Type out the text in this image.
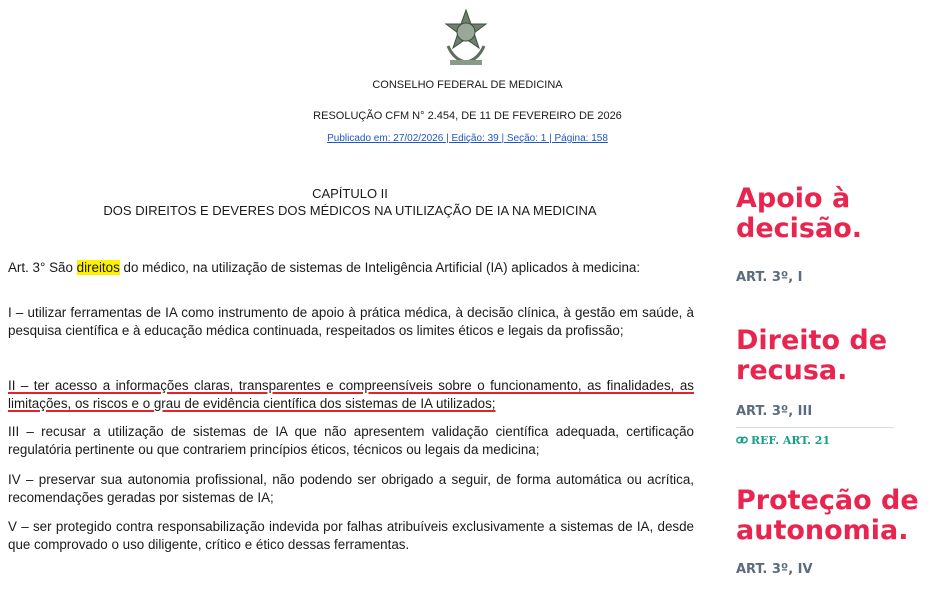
CONSELHO FEDERAL DE MEDICINA
RESOLUÇÃO CFM N° 2.454, DE 11 DE FEVEREIRO DE 2026
Publicado em: 27/02/2026 | Edição: 39 | Seção: 1 | Página: 158
CAPÍTULO II
DOS DIREITOS E DEVERES DOS MÉDICOS NA UTILIZAÇÃO DE IA NA MEDICINA
Art. 3° São direitos do médico, na utilização de sistemas de Inteligência Artificial (IA) aplicados à medicina:
I – utilizar ferramentas de IA como instrumento de apoio à prática médica, à decisão clínica, à gestão em saúde, à pesquisa científica e à educação médica continuada, respeitados os limites éticos e legais da profissão;
II – ter acesso a informações claras, transparentes e compreensíveis sobre o funcionamento, as finalidades, as limitações, os riscos e o grau de evidência científica dos sistemas de IA utilizados;
III – recusar a utilização de sistemas de IA que não apresentem validação científica adequada, certificação regulatória pertinente ou que contrariem princípios éticos, técnicos ou legais da medicina;
IV – preservar sua autonomia profissional, não podendo ser obrigado a seguir, de forma automática ou acrítica, recomendações geradas por sistemas de IA;
V – ser protegido contra responsabilização indevida por falhas atribuíveis exclusivamente a sistemas de IA, desde que comprovado o uso diligente, crítico e ético dessas ferramentas.
Apoio à
decisão.
ART. 3º, I
Direito de
recusa.
ART. 3º, III
REF. ART. 21
Proteção de
autonomia.
ART. 3º, IV
